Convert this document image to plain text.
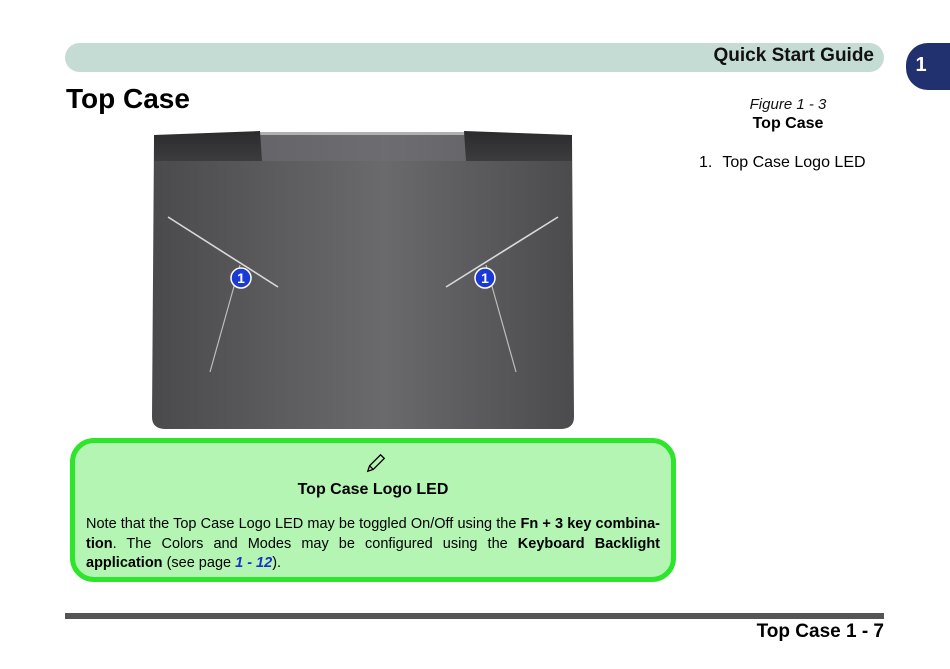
Quick Start Guide	1
Top Case
1	1
Figure 1 - 3
Top Case
1. Top Case Logo LED
Top Case Logo LED
Note that the Top Case Logo LED may be toggled On/Off using the Fn + 3 key combina-tion. The Colors and Modes may be configured using the Keyboard Backlight application (see page 1 - 12).
Top Case 1 - 7
